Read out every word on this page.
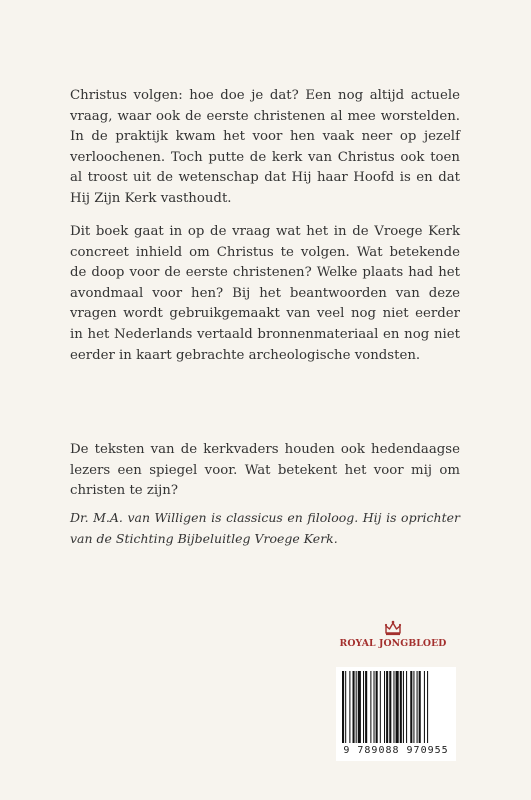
Christus volgen: hoe doe je dat? Een nog altijd actuele vraag, waar ook de eerste christenen al mee worstelden. In de praktijk kwam het voor hen vaak neer op jezelf verloochenen. Toch putte de kerk van Christus ook toen al troost uit de wetenschap dat Hij haar Hoofd is en dat Hij Zijn Kerk vasthoudt.
Dit boek gaat in op de vraag wat het in de Vroege Kerk concreet inhield om Christus te volgen. Wat betekende de doop voor de eerste christenen? Welke plaats had het avondmaal voor hen? Bij het beantwoorden van deze vragen wordt gebruikgemaakt van veel nog niet eerder in het Nederlands vertaald bronnenmateriaal en nog niet eerder in kaart gebrachte archeologische vondsten.
De teksten van de kerkvaders houden ook hedendaagse lezers een spiegel voor. Wat betekent het voor mij om christen te zijn?
Dr. M.A. van Willigen is classicus en filoloog. Hij is oprichter van de Stichting Bijbeluitleg Vroege Kerk.
ROYAL JONGBLOED
9 789088 970955
